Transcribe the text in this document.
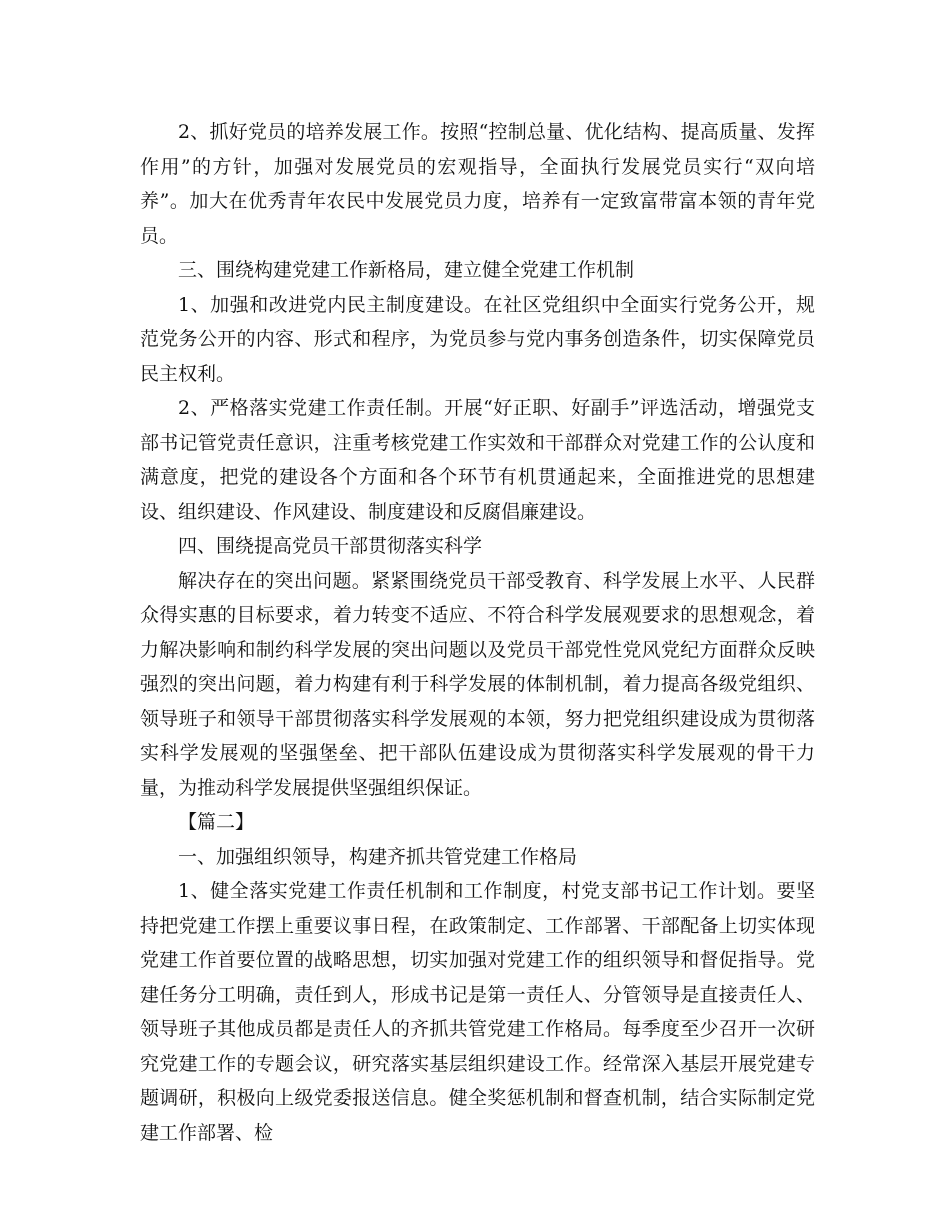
2、抓好党员的培养发展工作。按照“控制总量、优化结构、提高质量、发挥作用”的方针，加强对发展党员的宏观指导，全面执行发展党员实行“双向培养”。加大在优秀青年农民中发展党员力度，培养有一定致富带富本领的青年党员。

三、围绕构建党建工作新格局，建立健全党建工作机制

1、加强和改进党内民主制度建设。在社区党组织中全面实行党务公开，规范党务公开的内容、形式和程序，为党员参与党内事务创造条件，切实保障党员民主权利。

2、严格落实党建工作责任制。开展“好正职、好副手”评选活动，增强党支部书记管党责任意识，注重考核党建工作实效和干部群众对党建工作的公认度和满意度，把党的建设各个方面和各个环节有机贯通起来，全面推进党的思想建设、组织建设、作风建设、制度建设和反腐倡廉建设。

四、围绕提高党员干部贯彻落实科学

解决存在的突出问题。紧紧围绕党员干部受教育、科学发展上水平、人民群众得实惠的目标要求，着力转变不适应、不符合科学发展观要求的思想观念，着力解决影响和制约科学发展的突出问题以及党员干部党性党风党纪方面群众反映强烈的突出问题，着力构建有利于科学发展的体制机制，着力提高各级党组织、领导班子和领导干部贯彻落实科学发展观的本领，努力把党组织建设成为贯彻落实科学发展观的坚强堡垒、把干部队伍建设成为贯彻落实科学发展观的骨干力量，为推动科学发展提供坚强组织保证。

【篇二】

一、加强组织领导，构建齐抓共管党建工作格局

1、健全落实党建工作责任机制和工作制度，村党支部书记工作计划。要坚持把党建工作摆上重要议事日程，在政策制定、工作部署、干部配备上切实体现党建工作首要位置的战略思想，切实加强对党建工作的组织领导和督促指导。党建任务分工明确，责任到人，形成书记是第一责任人、分管领导是直接责任人、领导班子其他成员都是责任人的齐抓共管党建工作格局。每季度至少召开一次研究党建工作的专题会议，研究落实基层组织建设工作。经常深入基层开展党建专题调研，积极向上级党委报送信息。健全奖惩机制和督查机制，结合实际制定党建工作部署、检
